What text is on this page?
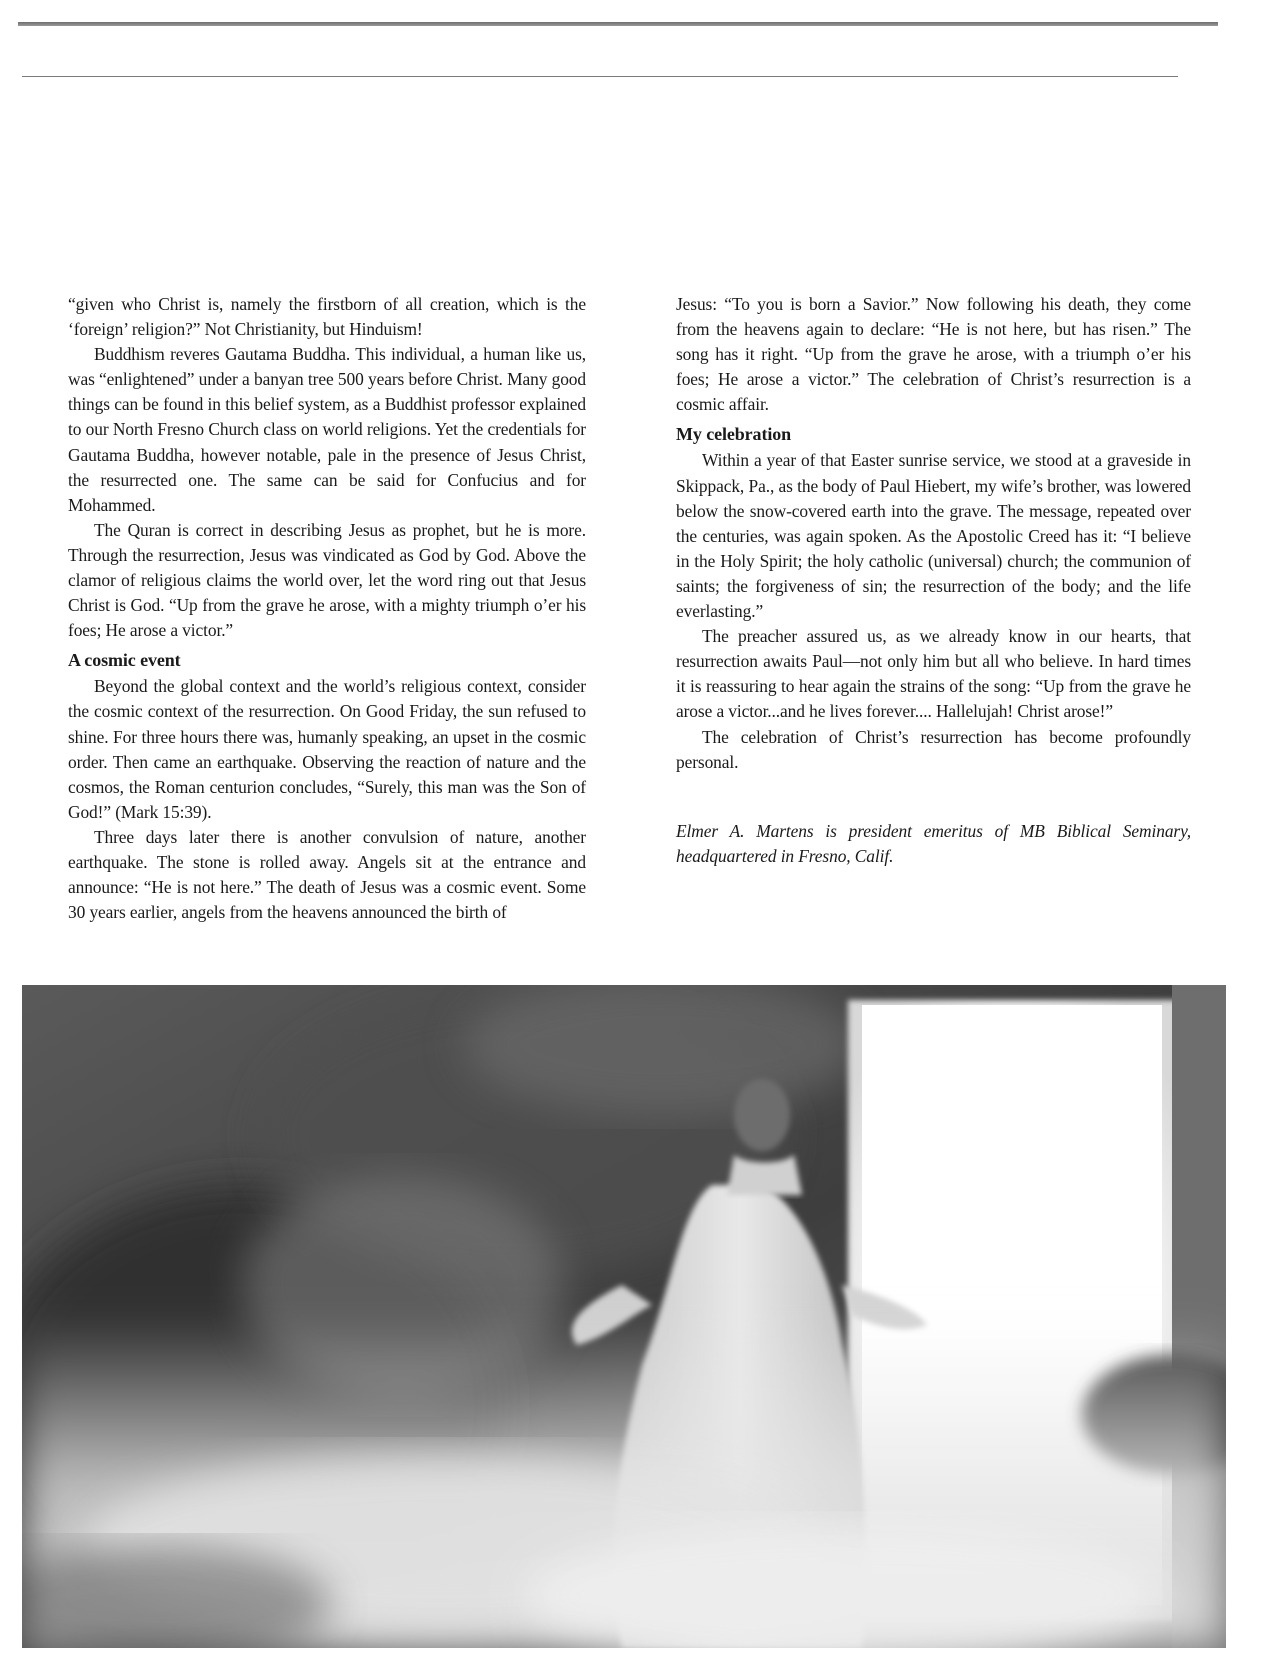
“given who Christ is, namely the firstborn of all creation, which is the ‘foreign’ religion?” Not Christianity, but Hinduism!

Buddhism reveres Gautama Buddha. This individual, a human like us, was “enlightened” under a banyan tree 500 years before Christ. Many good things can be found in this belief system, as a Buddhist professor explained to our North Fresno Church class on world religions. Yet the credentials for Gautama Buddha, however notable, pale in the presence of Jesus Christ, the resurrected one. The same can be said for Confucius and for Mohammed.

The Quran is correct in describing Jesus as prophet, but he is more. Through the resurrection, Jesus was vindicated as God by God. Above the clamor of religious claims the world over, let the word ring out that Jesus Christ is God. “Up from the grave he arose, with a mighty triumph o’er his foes; He arose a victor.”

A cosmic event

Beyond the global context and the world’s religious context, consider the cosmic context of the resurrection. On Good Friday, the sun refused to shine. For three hours there was, humanly speaking, an upset in the cosmic order. Then came an earthquake. Observing the reaction of nature and the cosmos, the Roman centurion concludes, “Surely, this man was the Son of God!” (Mark 15:39).

Three days later there is another convulsion of nature, another earthquake. The stone is rolled away. Angels sit at the entrance and announce: “He is not here.” The death of Jesus was a cosmic event. Some 30 years earlier, angels from the heavens announced the birth of

Jesus: “To you is born a Savior.” Now following his death, they come from the heavens again to declare: “He is not here, but has risen.” The song has it right. “Up from the grave he arose, with a triumph o’er his foes; He arose a victor.” The celebration of Christ’s resurrection is a cosmic affair.

My celebration

Within a year of that Easter sunrise service, we stood at a graveside in Skippack, Pa., as the body of Paul Hiebert, my wife’s brother, was lowered below the snow-covered earth into the grave. The message, repeated over the centuries, was again spoken. As the Apostolic Creed has it: “I believe in the Holy Spirit; the holy catholic (universal) church; the communion of saints; the forgiveness of sin; the resurrection of the body; and the life everlasting.”

The preacher assured us, as we already know in our hearts, that resurrection awaits Paul—not only him but all who believe. In hard times it is reassuring to hear again the strains of the song: “Up from the grave he arose a victor...and he lives forever.... Hallelujah! Christ arose!”

The celebration of Christ’s resurrection has become profoundly personal.

Elmer A. Martens is president emeritus of MB Biblical Seminary, headquartered in Fresno, Calif.
